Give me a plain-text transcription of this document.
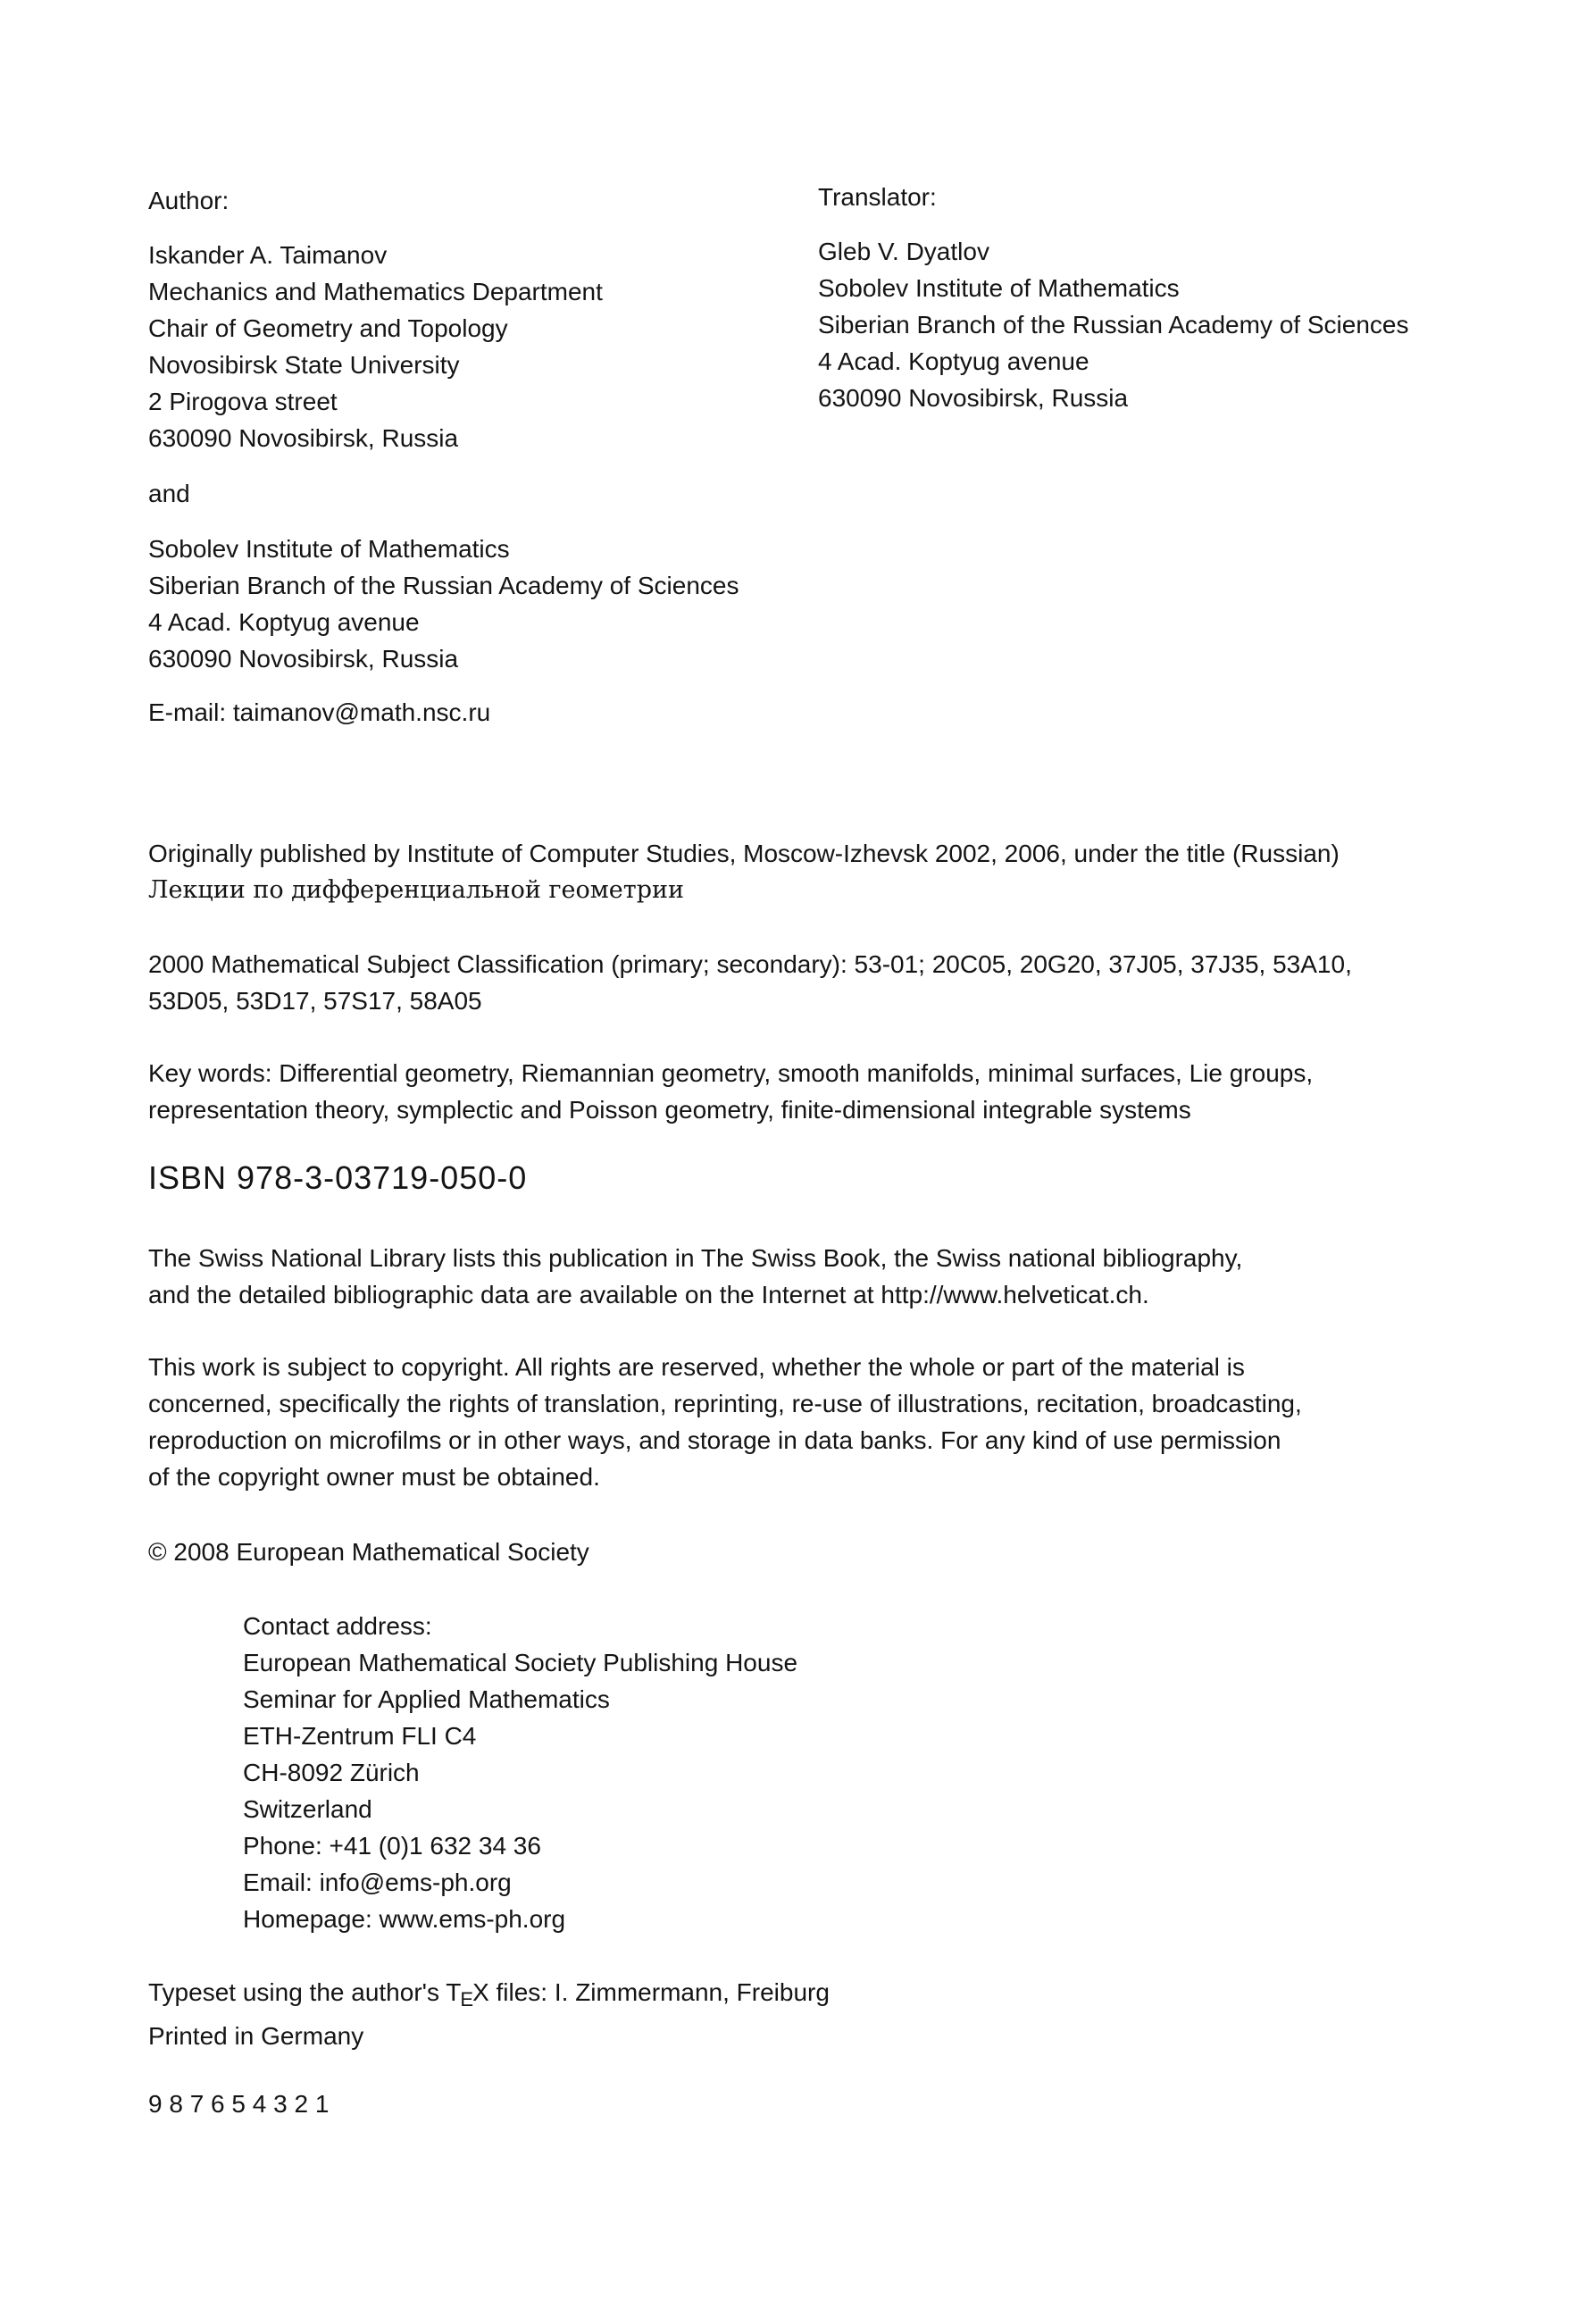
Author:
Iskander A. Taimanov
Mechanics and Mathematics Department
Chair of Geometry and Topology
Novosibirsk State University
2 Pirogova street
630090 Novosibirsk, Russia
and
Sobolev Institute of Mathematics
Siberian Branch of the Russian Academy of Sciences
4 Acad. Koptyug avenue
630090 Novosibirsk, Russia
E-mail: taimanov@math.nsc.ru
Translator:
Gleb V. Dyatlov
Sobolev Institute of Mathematics
Siberian Branch of the Russian Academy of Sciences
4 Acad. Koptyug avenue
630090 Novosibirsk, Russia
Originally published by Institute of Computer Studies, Moscow-Izhevsk 2002, 2006, under the title (Russian)
Лекции по дифференциальной геометрии
2000 Mathematical Subject Classification (primary; secondary): 53-01; 20C05, 20G20, 37J05, 37J35, 53A10,
53D05, 53D17, 57S17, 58A05
Key words: Differential geometry, Riemannian geometry, smooth manifolds, minimal surfaces, Lie groups,
representation theory, symplectic and Poisson geometry, finite-dimensional integrable systems
ISBN 978-3-03719-050-0
The Swiss National Library lists this publication in The Swiss Book, the Swiss national bibliography,
and the detailed bibliographic data are available on the Internet at http://www.helveticat.ch.
This work is subject to copyright. All rights are reserved, whether the whole or part of the material is
concerned, specifically the rights of translation, reprinting, re-use of illustrations, recitation, broadcasting,
reproduction on microfilms or in other ways, and storage in data banks. For any kind of use permission
of the copyright owner must be obtained.
© 2008 European Mathematical Society
Contact address:
European Mathematical Society Publishing House
Seminar for Applied Mathematics
ETH-Zentrum FLI C4
CH-8092 Zürich
Switzerland
Phone: +41 (0)1 632 34 36
Email: info@ems-ph.org
Homepage: www.ems-ph.org
Typeset using the author's TEX files: I. Zimmermann, Freiburg
Printed in Germany
9 8 7 6 5 4 3 2 1
